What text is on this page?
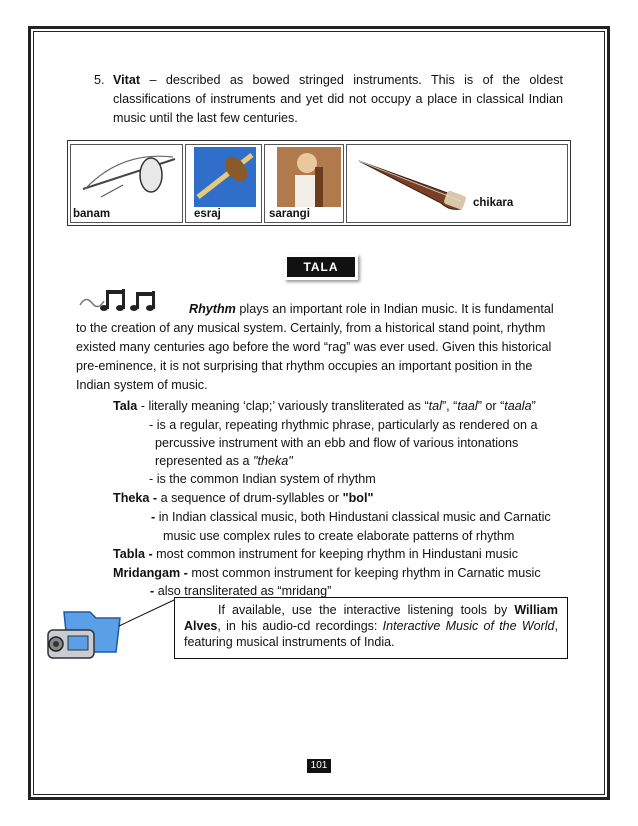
5. Vitat – described as bowed stringed instruments. This is of the oldest
classifications of instruments and yet did not occupy a place in classical Indian
music until the last few centuries.
banam	esraj	sarangi
chikara
TALA
Rhythm plays an important role in Indian music. It is fundamental
to the creation of any musical system. Certainly, from a historical stand point, rhythm
existed many centuries ago before the word “rag” was ever used. Given this historical
pre-eminence, it is not surprising that rhythm occupies an important position in the
Indian system of music.
Tala - literally meaning ‘clap;’ variously transliterated as “tal”, “taal” or “taala”
- is a regular, repeating rhythmic phrase, particularly as rendered on a
percussive instrument with an ebb and flow of various intonations
represented as a "theka"
- is the common Indian system of rhythm
Theka - a sequence of drum-syllables or "bol"
- in Indian classical music, both Hindustani classical music and Carnatic
music use complex rules to create elaborate patterns of rhythm
Tabla - most common instrument for keeping rhythm in Hindustani music
Mridangam - most common instrument for keeping rhythm in Carnatic music
- also transliterated as “mridang”
If available, use the interactive listening tools by William Alves, in his audio-cd recordings: Interactive Music of the World, featuring musical instruments of India.
101
